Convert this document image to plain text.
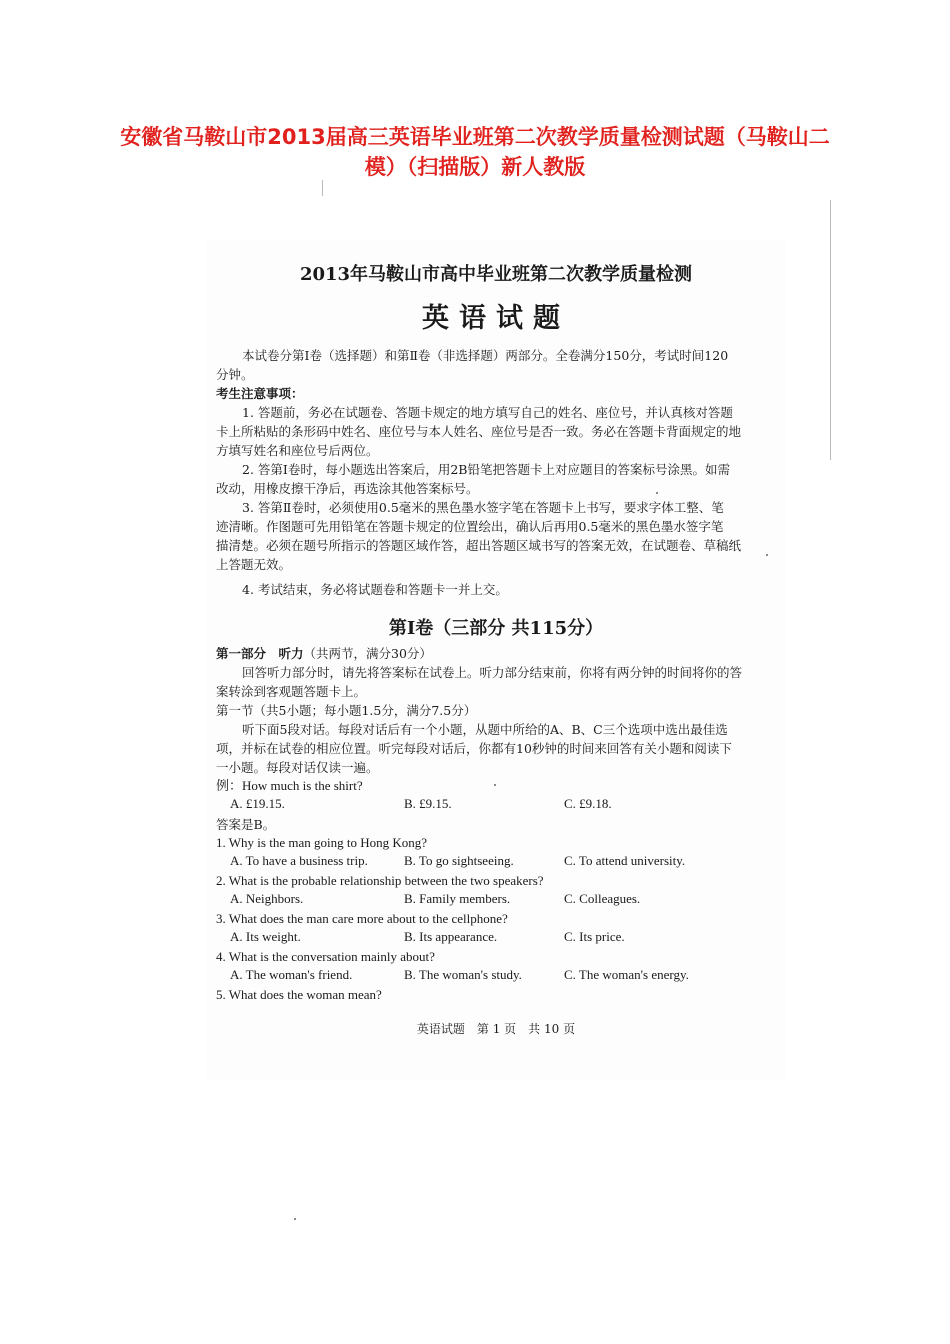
安徽省马鞍山市2013届高三英语毕业班第二次教学质量检测试题（马鞍山二
模）（扫描版）新人教版
2013年马鞍山市高中毕业班第二次教学质量检测
英语试题
本试卷分第Ⅰ卷（选择题）和第Ⅱ卷（非选择题）两部分。全卷满分150分，考试时间120
分钟。
考生注意事项：
1. 答题前，务必在试题卷、答题卡规定的地方填写自己的姓名、座位号，并认真核对答题
卡上所粘贴的条形码中姓名、座位号与本人姓名、座位号是否一致。务必在答题卡背面规定的地
方填写姓名和座位号后两位。
2. 答第Ⅰ卷时，每小题选出答案后，用2B铅笔把答题卡上对应题目的答案标号涂黑。如需
改动，用橡皮擦干净后，再选涂其他答案标号。
3. 答第Ⅱ卷时，必须使用0.5毫米的黑色墨水签字笔在答题卡上书写，要求字体工整、笔
迹清晰。作图题可先用铅笔在答题卡规定的位置绘出，确认后再用0.5毫米的黑色墨水签字笔
描清楚。必须在题号所指示的答题区域作答，超出答题区域书写的答案无效，在试题卷、草稿纸
上答题无效。
4. 考试结束，务必将试题卷和答题卡一并上交。
第Ⅰ卷（三部分 共115分）
第一部分　听力（共两节，满分30分）
回答听力部分时，请先将答案标在试卷上。听力部分结束前，你将有两分钟的时间将你的答
案转涂到客观题答题卡上。
第一节（共5小题；每小题1.5分，满分7.5分）
听下面5段对话。每段对话后有一个小题，从题中所给的A、B、C三个选项中选出最佳选
项，并标在试卷的相应位置。听完每段对话后，你都有10秒钟的时间来回答有关小题和阅读下
一小题。每段对话仅读一遍。
例：How much is the shirt?
A. £19.15.	B. £9.15.	C. £9.18.
答案是B。
1. Why is the man going to Hong Kong?
A. To have a business trip.	B. To go sightseeing.	C. To attend university.
2. What is the probable relationship between the two speakers?
A. Neighbors.	B. Family members.	C. Colleagues.
3. What does the man care more about to the cellphone?
A. Its weight.	B. Its appearance.	C. Its price.
4. What is the conversation mainly about?
A. The woman's friend.	B. The woman's study.	C. The woman's energy.
5. What does the woman mean?
英语试题　第 1 页　共 10 页
